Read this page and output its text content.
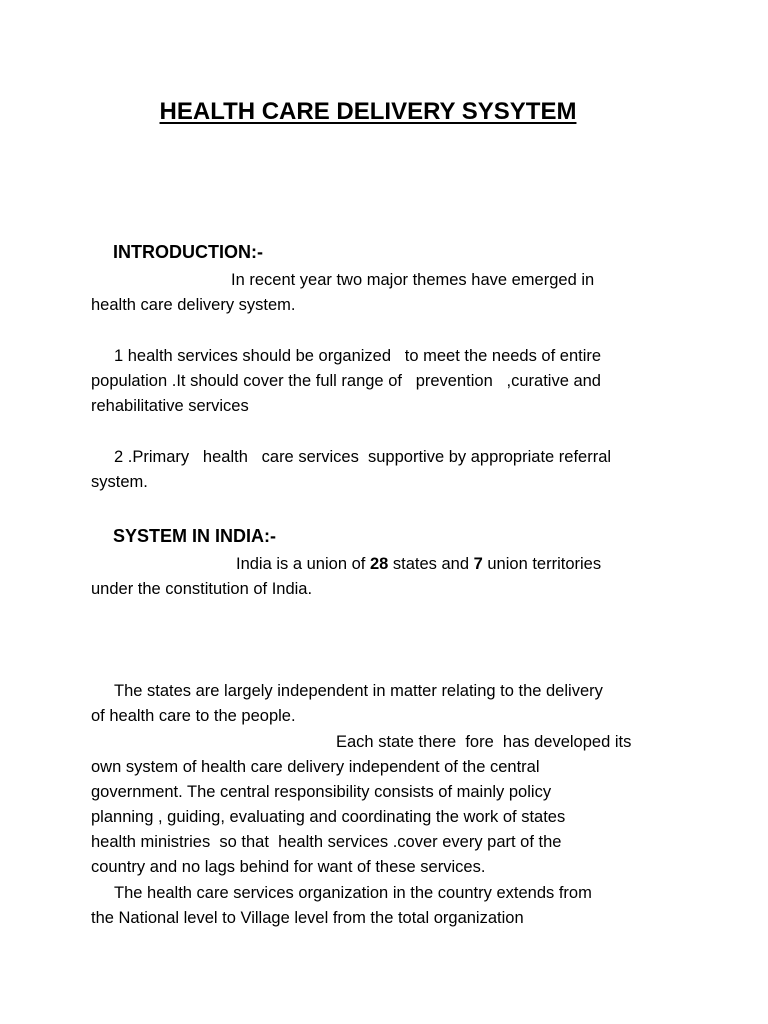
HEALTH CARE DELIVERY SYSYTEM
INTRODUCTION:-
In recent year two major themes have emerged in
health care delivery system.
1 health services should be organized   to meet the needs of entire
population .It should cover the full range of   prevention   ,curative and
rehabilitative services
2 .Primary   health   care services  supportive by appropriate referral
system.
SYSTEM IN INDIA:-
India is a union of 28 states and 7 union territories
under the constitution of India.
The states are largely independent in matter relating to the delivery
of health care to the people.
Each state there  fore  has developed its
own system of health care delivery independent of the central
government. The central responsibility consists of mainly policy
planning , guiding, evaluating and coordinating the work of states
health ministries  so that  health services .cover every part of the
country and no lags behind for want of these services.
The health care services organization in the country extends from
the National level to Village level from the total organization
